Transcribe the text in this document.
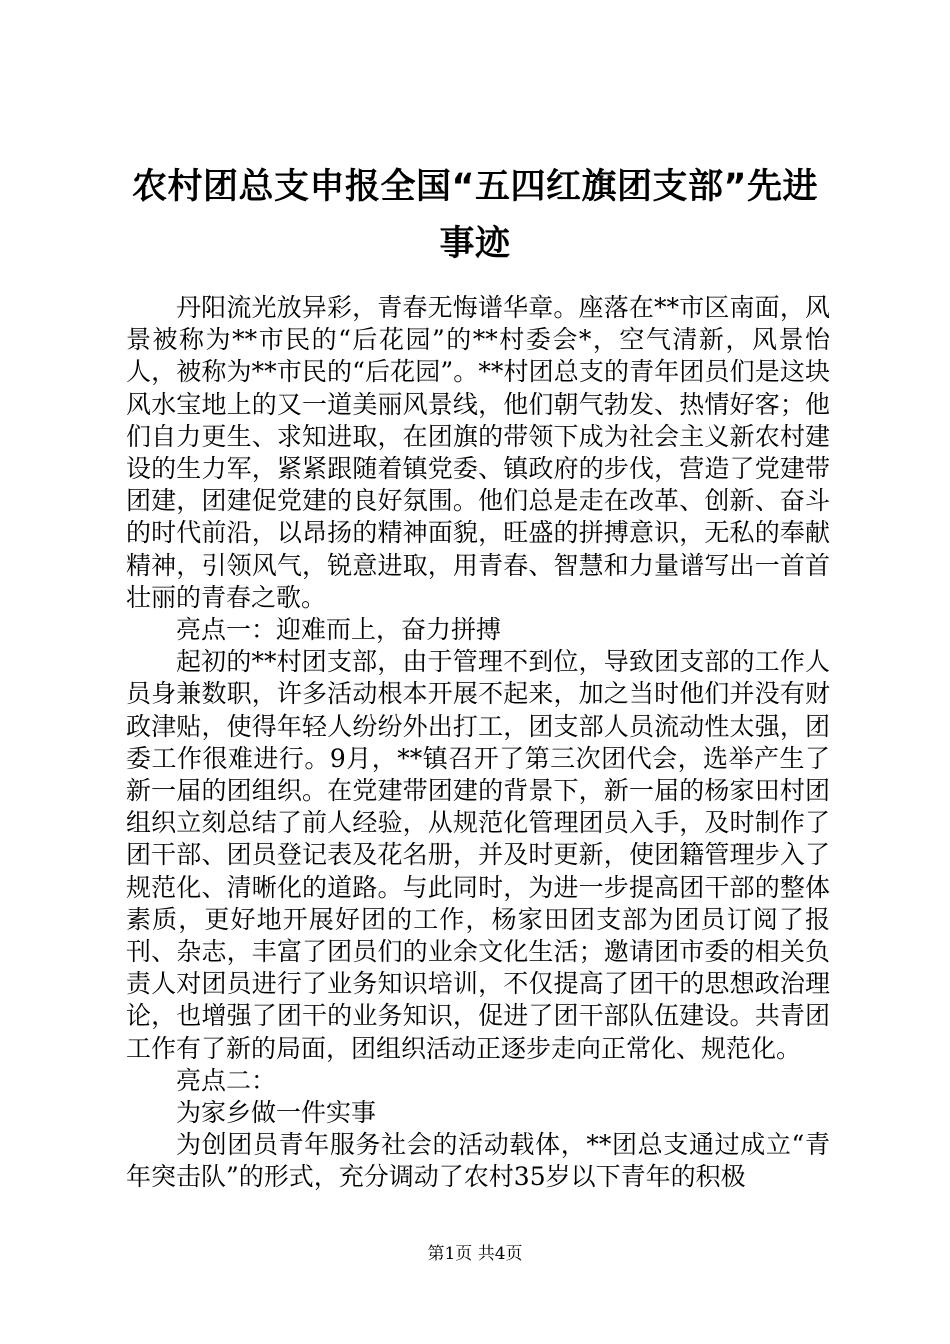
农村团总支申报全国“五四红旗团支部”先进
事迹

丹阳流光放异彩，青春无悔谱华章。座落在**市区南面，风景被称为**市民的“后花园”的**村委会*，空气清新，风景怡人，被称为**市民的“后花园”。**村团总支的青年团员们是这块风水宝地上的又一道美丽风景线，他们朝气勃发、热情好客；他们自力更生、求知进取，在团旗的带领下成为社会主义新农村建设的生力军，紧紧跟随着镇党委、镇政府的步伐，营造了党建带团建，团建促党建的良好氛围。他们总是走在改革、创新、奋斗的时代前沿，以昂扬的精神面貌，旺盛的拼搏意识，无私的奉献精神，引领风气，锐意进取，用青春、智慧和力量谱写出一首首壮丽的青春之歌。

亮点一：迎难而上，奋力拼搏

起初的**村团支部，由于管理不到位，导致团支部的工作人员身兼数职，许多活动根本开展不起来，加之当时他们并没有财政津贴，使得年轻人纷纷外出打工，团支部人员流动性太强，团委工作很难进行。9月，**镇召开了第三次团代会，选举产生了新一届的团组织。在党建带团建的背景下，新一届的杨家田村团组织立刻总结了前人经验，从规范化管理团员入手，及时制作了团干部、团员登记表及花名册，并及时更新，使团籍管理步入了规范化、清晰化的道路。与此同时，为进一步提高团干部的整体素质，更好地开展好团的工作，杨家田团支部为团员订阅了报刊、杂志，丰富了团员们的业余文化生活；邀请团市委的相关负责人对团员进行了业务知识培训，不仅提高了团干的思想政治理论，也增强了团干的业务知识，促进了团干部队伍建设。共青团工作有了新的局面，团组织活动正逐步走向正常化、规范化。

亮点二：

为家乡做一件实事

为创团员青年服务社会的活动载体，**团总支通过成立“青年突击队”的形式，充分调动了农村35岁以下青年的积极

第1页 共4页
